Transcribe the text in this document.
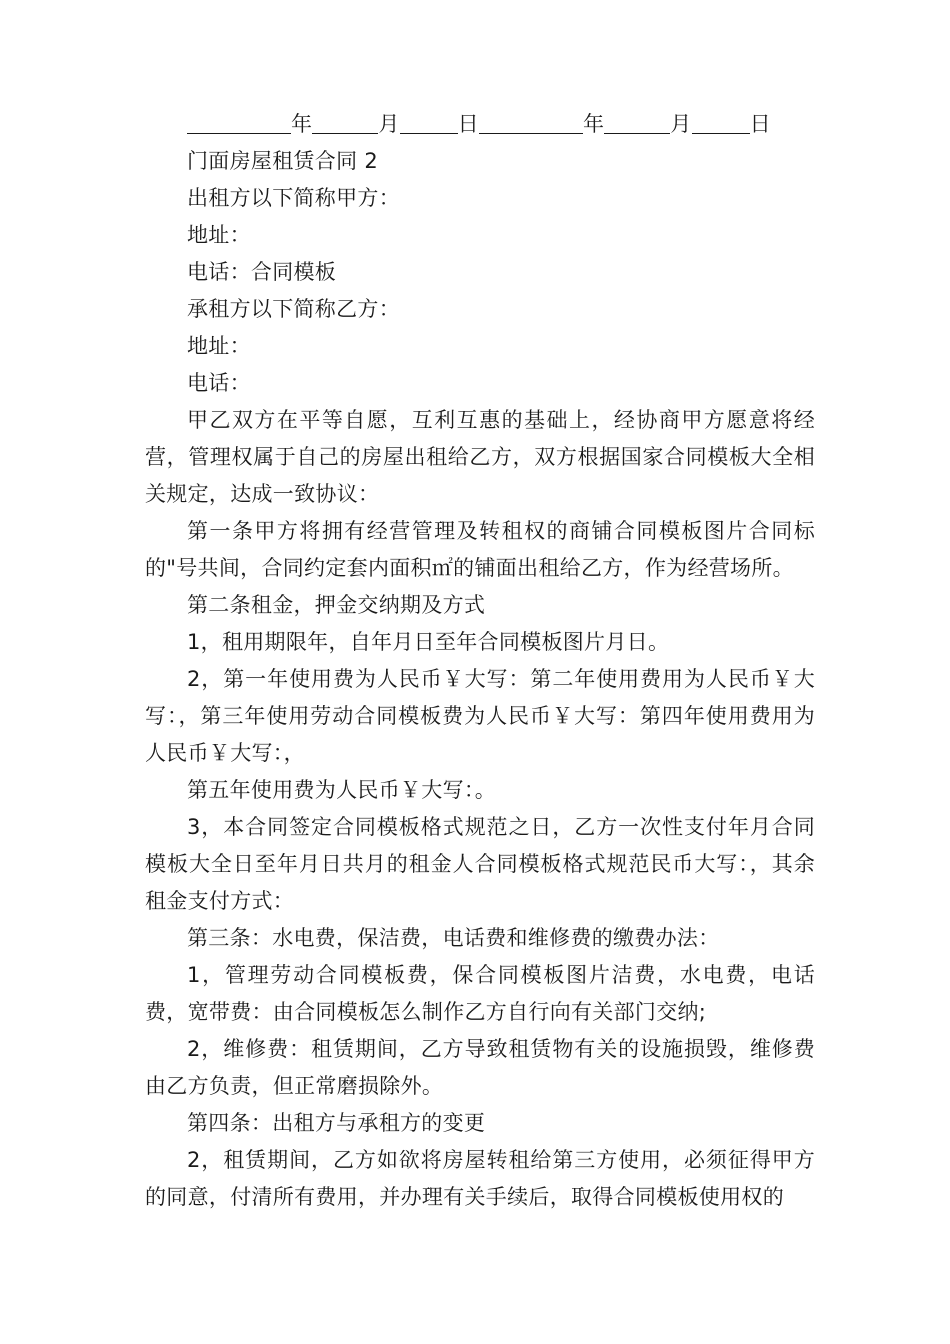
年	月	日	年	月	日

门面房屋租赁合同 2

出租方以下简称甲方：

地址：

电话：合同模板

承租方以下简称乙方：

地址：

电话：

甲乙双方在平等自愿，互利互惠的基础上，经协商甲方愿意将经营，管理权属于自己的房屋出租给乙方，双方根据国家合同模板大全相关规定，达成一致协议：

第一条甲方将拥有经营管理及转租权的商铺合同模板图片合同标的"号共间，合同约定套内面积㎡的铺面出租给乙方，作为经营场所。

第二条租金，押金交纳期及方式

1，租用期限年，自年月日至年合同模板图片月日。

2，第一年使用费为人民币￥大写：第二年使用费用为人民币￥大写：，第三年使用劳动合同模板费为人民币￥大写：第四年使用费用为人民币￥大写：，

第五年使用费为人民币￥大写：。

3，本合同签定合同模板格式规范之日，乙方一次性支付年月合同模板大全日至年月日共月的租金人合同模板格式规范民币大写：，其余租金支付方式：

第三条：水电费，保洁费，电话费和维修费的缴费办法：

1，管理劳动合同模板费，保合同模板图片洁费，水电费，电话费，宽带费：由合同模板怎么制作乙方自行向有关部门交纳;

2，维修费：租赁期间，乙方导致租赁物有关的设施损毁，维修费由乙方负责，但正常磨损除外。

第四条：出租方与承租方的变更

2，租赁期间，乙方如欲将房屋转租给第三方使用，必须征得甲方的同意，付清所有费用，并办理有关手续后，取得合同模板使用权的
